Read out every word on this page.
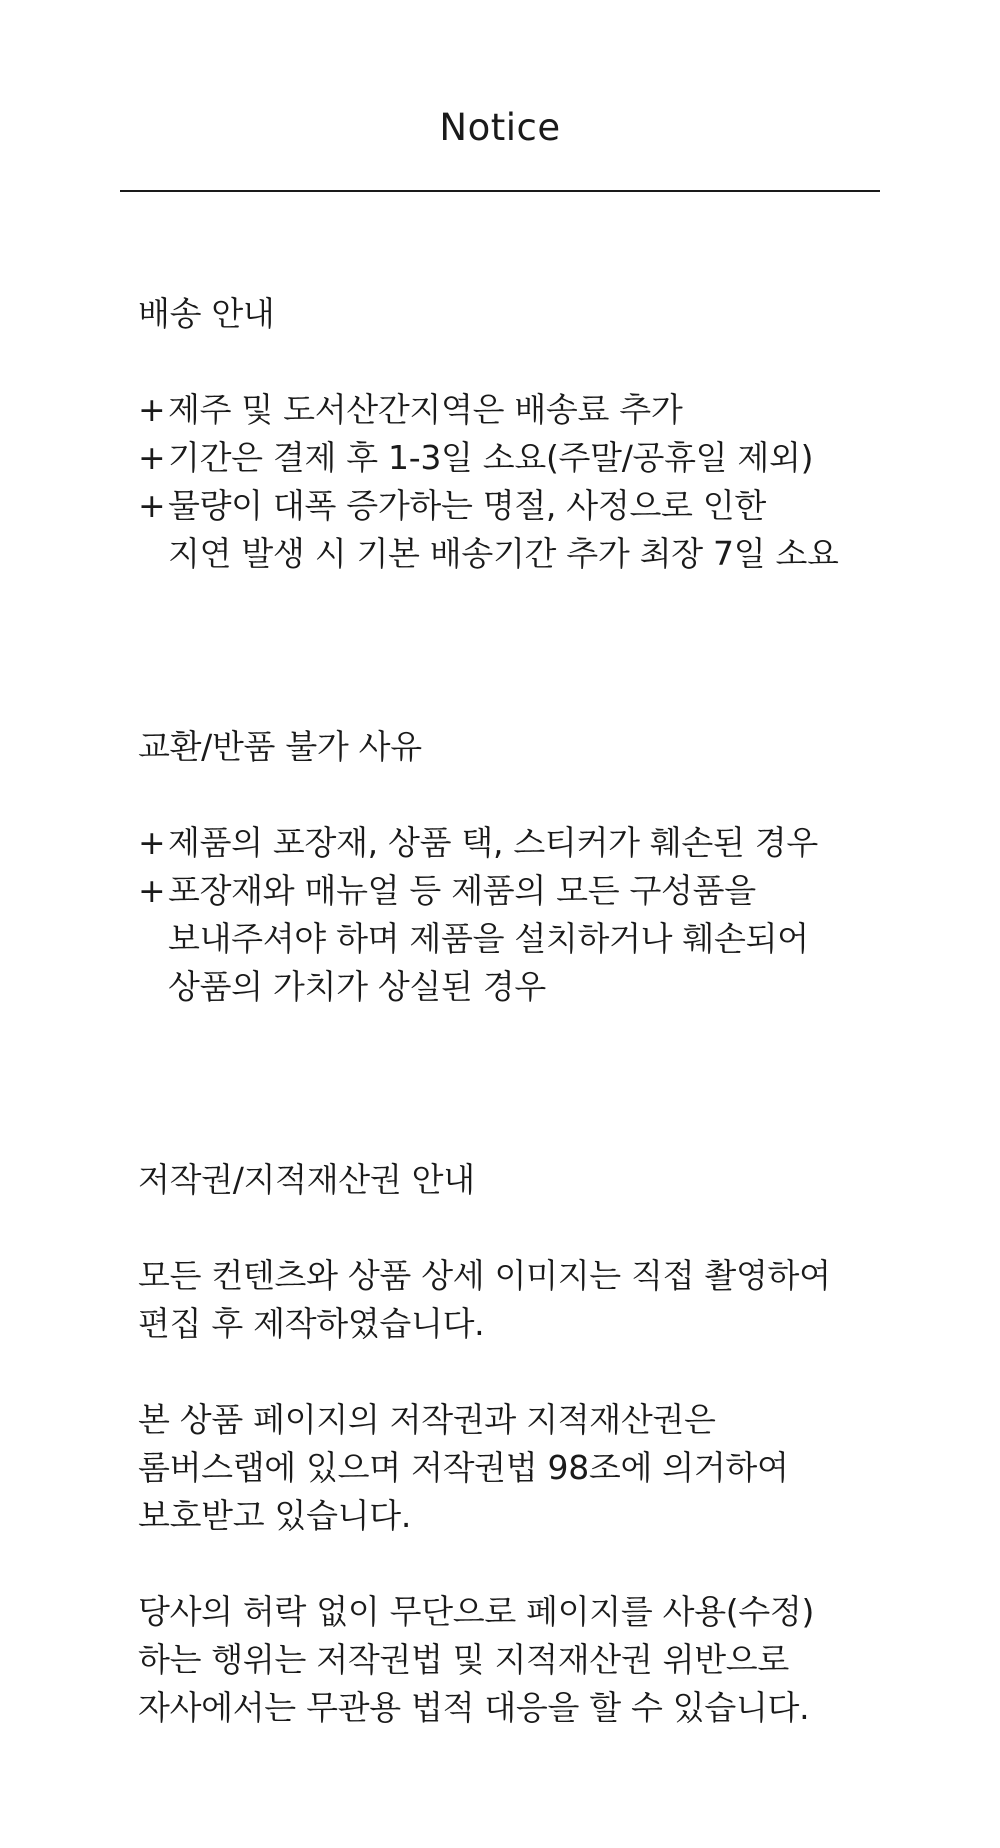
Notice
배송 안내
+ 제주 및 도서산간지역은 배송료 추가
+ 기간은 결제 후 1-3일 소요(주말/공휴일 제외)
+ 물량이 대폭 증가하는 명절, 사정으로 인한
지연 발생 시 기본 배송기간 추가 최장 7일 소요
교환/반품 불가 사유
+ 제품의 포장재, 상품 택, 스티커가 훼손된 경우
+ 포장재와 매뉴얼 등 제품의 모든 구성품을
보내주셔야 하며 제품을 설치하거나 훼손되어
상품의 가치가 상실된 경우
저작권/지적재산권 안내
모든 컨텐츠와 상품 상세 이미지는 직접 촬영하여
편집 후 제작하였습니다.
본 상품 페이지의 저작권과 지적재산권은
롬버스랩에 있으며 저작권법 98조에 의거하여
보호받고 있습니다.
당사의 허락 없이 무단으로 페이지를 사용(수정)
하는 행위는 저작권법 및 지적재산권 위반으로
자사에서는 무관용 법적 대응을 할 수 있습니다.
